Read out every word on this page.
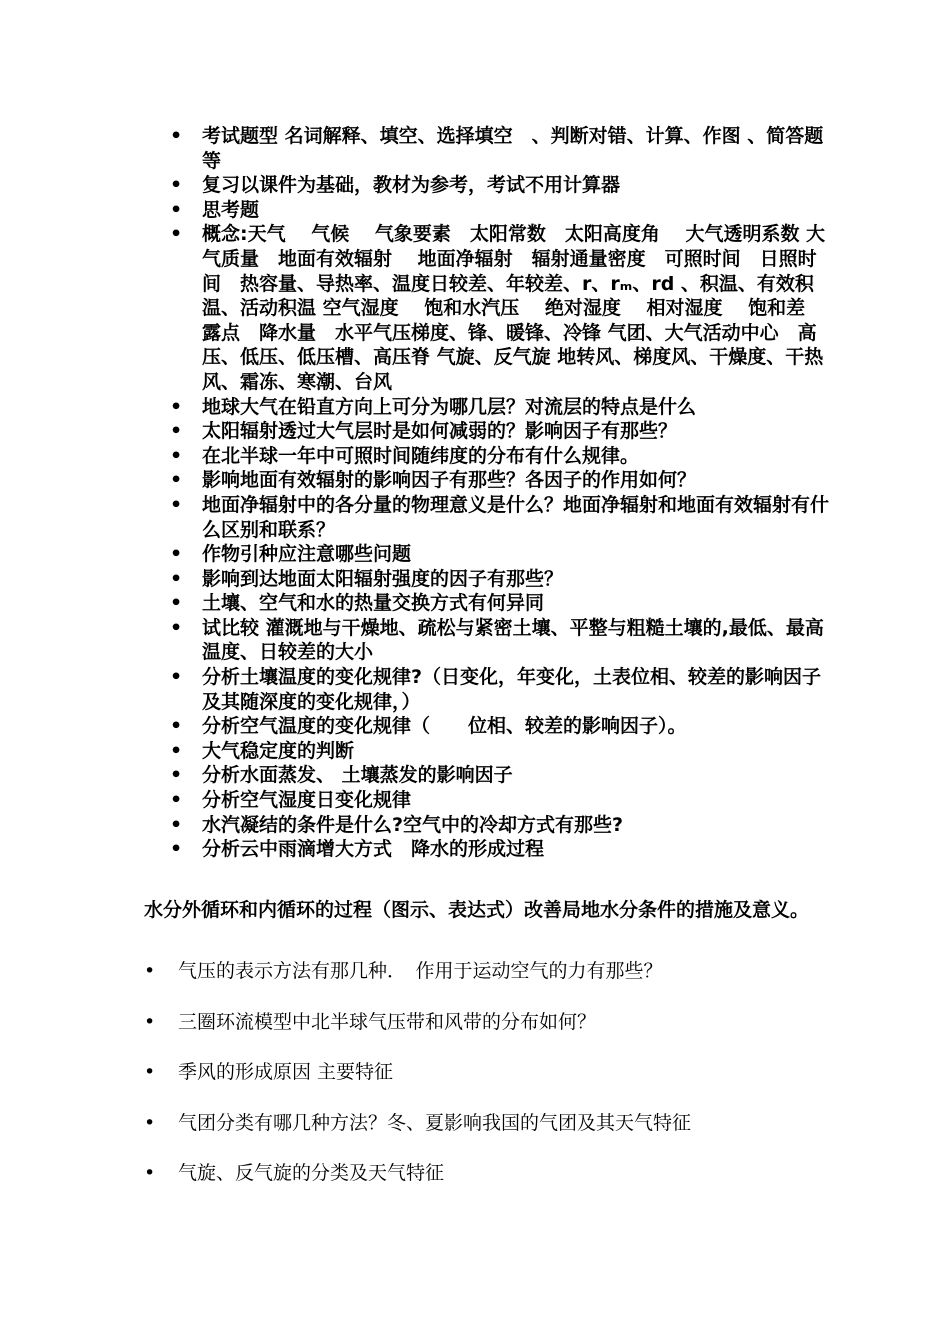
• 考试题型 名词解释、填空、选择填空　、判断对错、计算、作图 、简答题等
• 复习以课件为基础，教材为参考，考试不用计算器
• 思考题
• 概念:天气　 气候　 气象要素　太阳常数　太阳高度角　 大气透明系数 大气质量　地面有效辐射　 地面净辐射　辐射通量密度　可照时间　日照时间　热容量、导热率、温度日较差、年较差、r、rₘ、rd 、积温、有效积温、活动积温 空气湿度　 饱和水汽压　 绝对湿度　 相对湿度　 饱和差　　露点　降水量　水平气压梯度、锋、暖锋、冷锋 气团、大气活动中心　高压、低压、低压槽、高压脊 气旋、反气旋 地转风、梯度风、干燥度、干热风、霜冻、寒潮、台风
• 地球大气在铅直方向上可分为哪几层？对流层的特点是什么
• 太阳辐射透过大气层时是如何减弱的？影响因子有那些？
• 在北半球一年中可照时间随纬度的分布有什么规律。
• 影响地面有效辐射的影响因子有那些？各因子的作用如何？
• 地面净辐射中的各分量的物理意义是什么？地面净辐射和地面有效辐射有什么区别和联系？
• 作物引种应注意哪些问题
• 影响到达地面太阳辐射强度的因子有那些？
• 土壤、空气和水的热量交换方式有何异同
• 试比较 灌溉地与干燥地、疏松与紧密土壤、平整与粗糙土壤的,最低、最高温度、日较差的大小
• 分析土壤温度的变化规律?（日变化，年变化，土表位相、较差的影响因子及其随深度的变化规律，）
• 分析空气温度的变化规律（　　位相、较差的影响因子）。
• 大气稳定度的判断
• 分析水面蒸发、 土壤蒸发的影响因子
• 分析空气湿度日变化规律
• 水汽凝结的条件是什么?空气中的冷却方式有那些?
• 分析云中雨滴增大方式　降水的形成过程

水分外循环和内循环的过程（图示、表达式）改善局地水分条件的措施及意义。

• 气压的表示方法有那几种．　作用于运动空气的力有那些？
• 三圈环流模型中北半球气压带和风带的分布如何？
• 季风的形成原因 主要特征
• 气团分类有哪几种方法？冬、夏影响我国的气团及其天气特征
• 气旋、反气旋的分类及天气特征
